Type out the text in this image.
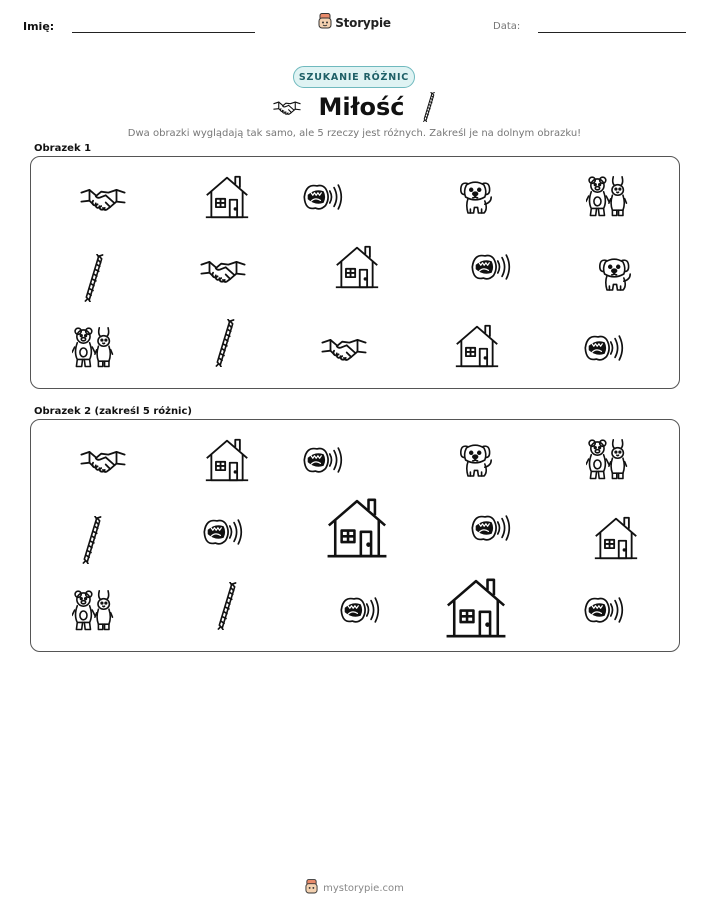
Imię:	Storypie	Data:
SZUKANIE RÓŻNIC
Miłość
Dwa obrazki wyglądają tak samo, ale 5 rzeczy jest różnych. Zakreśl je na dolnym obrazku!
Obrazek 1
Obrazek 2 (zakreśl 5 różnic)
mystorypie.com
